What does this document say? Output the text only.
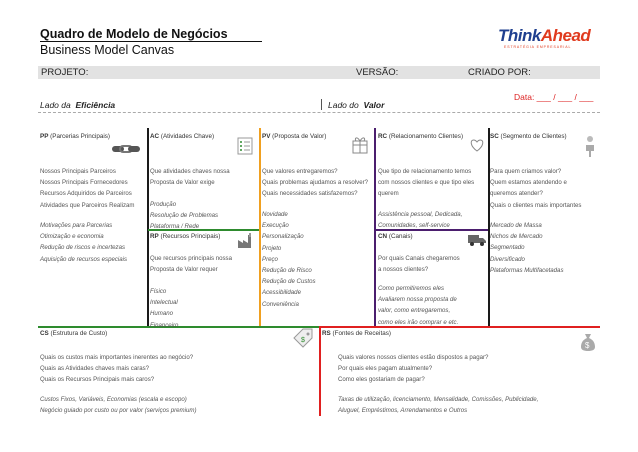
Quadro de Modelo de Negócios
Business Model Canvas
ThinkAhead
ESTRATÉGIA EMPRESARIAL
PROJETO:	VERSÃO:	CRIADO POR:
Data: ___ / ___ / ___
Lado da Eficiência	Lado do Valor
PP (Parcerias Principais)	AC (Atividades Chave)	PV (Proposta de Valor)	RC (Relacionamento Clientes)	SC (Segmento de Clientes)
RP (Recursos Principais)	CN (Canais)
CS (Estrutura de Custo)	RS (Fontes de Receitas)
$
$
Nossos Principais Parceiros
Nossos Principais Fornecedores
Recursos Adquiridos de Parceiros
Atividades que Parceiros Realizam
Motivações para Parcerias
Otimização e economia
Redução de riscos e incertezas
Aquisição de recursos especiais
Que atividades chaves nossa
Proposta de Valor exige
Produção
Resolução de Problemas
Plataforma / Rede
Que recursos principais nossa
Proposta de Valor requer
Físico
Intelectual
Humano
Financeiro
Que valores entregaremos?
Quais problemas ajudamos a resolver?
Quais necessidades satisfazemos?
Novidade
Execução
Personalização
Projeto
Preço
Redução de Risco
Redução de Custos
Acessibilidade
Conveniência
Que tipo de relacionamento temos
com nossos clientes e que tipo eles
querem
Assistência pessoal, Dedicada,
Comunidades, self-service
Por quais Canais chegaremos
a nossos clientes?
Como permitiremos eles
Avaliarem nossa proposta de
valor, como entregaremos,
como eles irão comprar e etc.
Para quem criamos valor?
Quem estamos atendendo e
queremos atender?
Quais o clientes mais importantes
Mercado de Massa
Nichos de Mercado
Segmentado
Diversificado
Plataformas Multifacetadas
Quais os custos mais importantes inerentes ao negócio?
Quais as Atividades chaves mais caras?
Quais os Recursos Principais mais caros?
Custos Fixos, Variáveis, Economias (escala e escopo)
Negócio guiado por custo ou por valor (serviços premium)
Quais valores nossos clientes estão dispostos a pagar?
Por quais eles pagam atualmente?
Como eles gostariam de pagar?
Taxas de utilização, licenciamento, Mensalidade, Comissões, Publicidade,
Aluguel, Empréstimos, Arrendamentos e Outros
